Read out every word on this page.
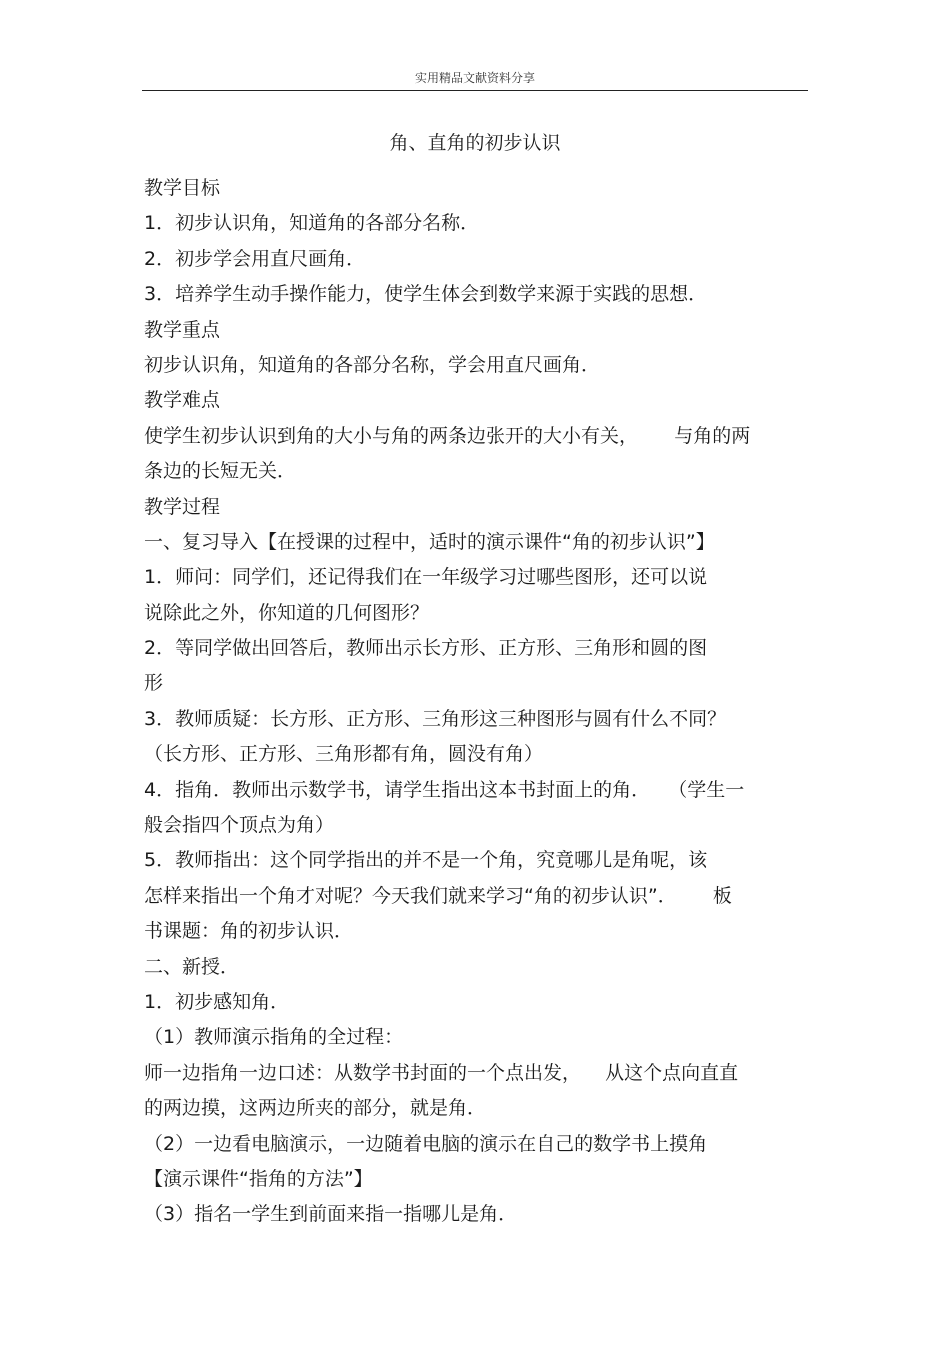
实用精品文献资料分享
角、直角的初步认识
教学目标
1．初步认识角，知道角的各部分名称．
2．初步学会用直尺画角．
3．培养学生动手操作能力，使学生体会到数学来源于实践的思想．
教学重点
初步认识角，知道角的各部分名称，学会用直尺画角．
教学难点
使学生初步认识到角的大小与角的两条边张开的大小有关，      与角的两
条边的长短无关．
教学过程
一、复习导入【在授课的过程中，适时的演示课件“角的初步认识”】
1．师问：同学们，还记得我们在一年级学习过哪些图形，还可以说
说除此之外，你知道的几何图形？
2．等同学做出回答后，教师出示长方形、正方形、三角形和圆的图
形
3．教师质疑：长方形、正方形、三角形这三种图形与圆有什么不同？
（长方形、正方形、三角形都有角，圆没有角）
4．指角．教师出示数学书，请学生指出这本书封面上的角．   （学生一
般会指四个顶点为角）
5．教师指出：这个同学指出的并不是一个角，究竟哪儿是角呢，该
怎样来指出一个角才对呢？今天我们就来学习“角的初步认识”．      板
书课题：角的初步认识．
二、新授．
1．初步感知角．
（1）教师演示指角的全过程：
师一边指角一边口述：从数学书封面的一个点出发，    从这个点向直直
的两边摸，这两边所夹的部分，就是角．
（2）一边看电脑演示，一边随着电脑的演示在自己的数学书上摸角
【演示课件“指角的方法”】
（3）指名一学生到前面来指一指哪儿是角．
